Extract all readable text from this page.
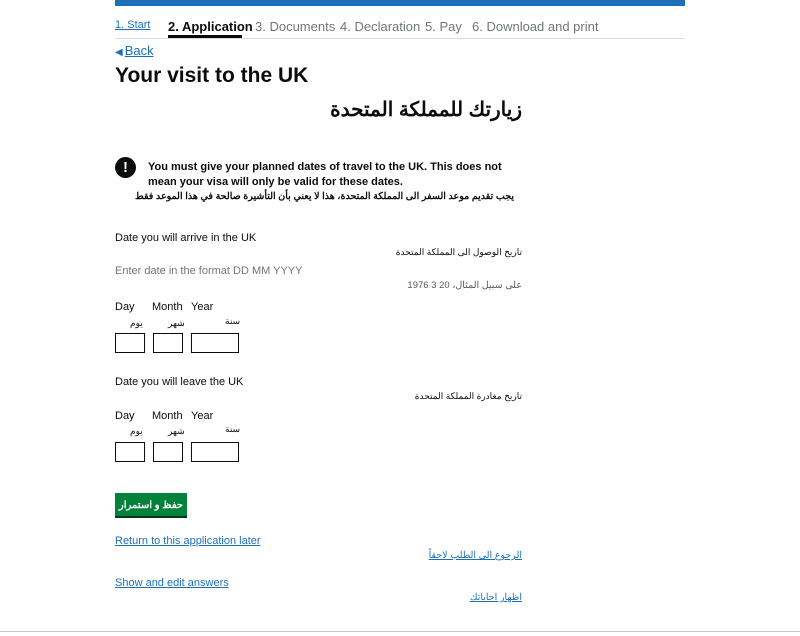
1. Start 2. Application 3. Documents 4. Declaration 5. Pay 6. Download and print
◀ Back
Your visit to the UK
زيارتك للمملكة المتحدة
!	You must give your planned dates of travel to the UK. This does not mean your visa will only be valid for these dates.
يجب تقديم موعد السفر الى المملكة المتحدة، هذا لا يعني بأن التأشيرة صالحة في هذا الموعد فقط
Date you will arrive in the UK
تاريخ الوصول الى المملكة المتحدة
Enter date in the format DD MM YYYY
على سبيل المثال، 20 3 1976
Day Month Year
يوم	شهر	سنة
Date you will leave the UK
تاريخ مغادرة المملكة المتحدة
Day Month Year
يوم	شهر	سنة
حفظ و استمرار
Return to this application later
الرجوع الى الطلب لاحقاً
Show and edit answers
اظهار اجاباتك
